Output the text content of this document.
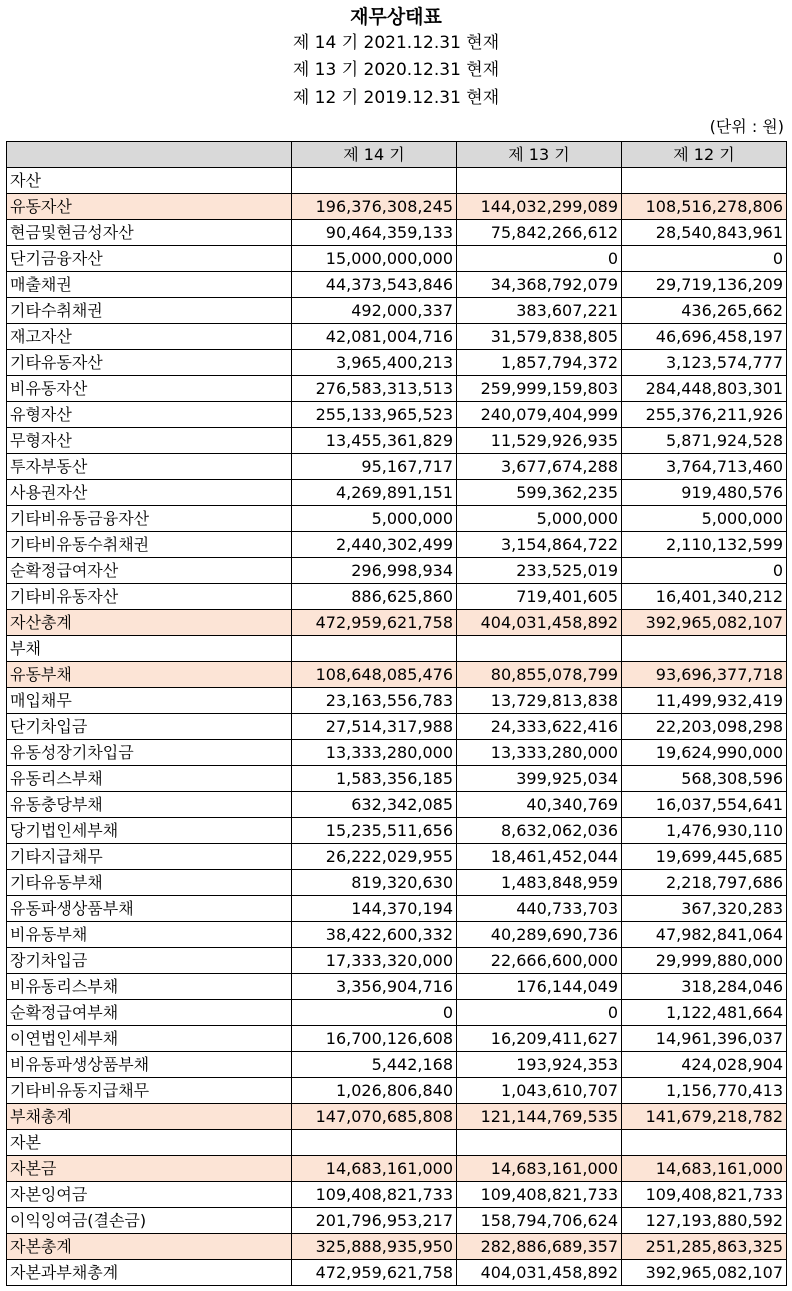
재무상태표
제 14 기 2021.12.31 현재
제 13 기 2020.12.31 현재
제 12 기 2019.12.31 현재
(단위 : 원)
	제 14 기	제 13 기	제 12 기
자산			
유동자산	196,376,308,245	144,032,299,089	108,516,278,806
현금및현금성자산	90,464,359,133	75,842,266,612	28,540,843,961
단기금융자산	15,000,000,000	0	0
매출채권	44,373,543,846	34,368,792,079	29,719,136,209
기타수취채권	492,000,337	383,607,221	436,265,662
재고자산	42,081,004,716	31,579,838,805	46,696,458,197
기타유동자산	3,965,400,213	1,857,794,372	3,123,574,777
비유동자산	276,583,313,513	259,999,159,803	284,448,803,301
유형자산	255,133,965,523	240,079,404,999	255,376,211,926
무형자산	13,455,361,829	11,529,926,935	5,871,924,528
투자부동산	95,167,717	3,677,674,288	3,764,713,460
사용권자산	4,269,891,151	599,362,235	919,480,576
기타비유동금융자산	5,000,000	5,000,000	5,000,000
기타비유동수취채권	2,440,302,499	3,154,864,722	2,110,132,599
순확정급여자산	296,998,934	233,525,019	0
기타비유동자산	886,625,860	719,401,605	16,401,340,212
자산총계	472,959,621,758	404,031,458,892	392,965,082,107
부채			
유동부채	108,648,085,476	80,855,078,799	93,696,377,718
매입채무	23,163,556,783	13,729,813,838	11,499,932,419
단기차입금	27,514,317,988	24,333,622,416	22,203,098,298
유동성장기차입금	13,333,280,000	13,333,280,000	19,624,990,000
유동리스부채	1,583,356,185	399,925,034	568,308,596
유동충당부채	632,342,085	40,340,769	16,037,554,641
당기법인세부채	15,235,511,656	8,632,062,036	1,476,930,110
기타지급채무	26,222,029,955	18,461,452,044	19,699,445,685
기타유동부채	819,320,630	1,483,848,959	2,218,797,686
유동파생상품부채	144,370,194	440,733,703	367,320,283
비유동부채	38,422,600,332	40,289,690,736	47,982,841,064
장기차입금	17,333,320,000	22,666,600,000	29,999,880,000
비유동리스부채	3,356,904,716	176,144,049	318,284,046
순확정급여부채	0	0	1,122,481,664
이연법인세부채	16,700,126,608	16,209,411,627	14,961,396,037
비유동파생상품부채	5,442,168	193,924,353	424,028,904
기타비유동지급채무	1,026,806,840	1,043,610,707	1,156,770,413
부채총계	147,070,685,808	121,144,769,535	141,679,218,782
자본			
자본금	14,683,161,000	14,683,161,000	14,683,161,000
자본잉여금	109,408,821,733	109,408,821,733	109,408,821,733
이익잉여금(결손금)	201,796,953,217	158,794,706,624	127,193,880,592
자본총계	325,888,935,950	282,886,689,357	251,285,863,325
자본과부채총계	472,959,621,758	404,031,458,892	392,965,082,107
